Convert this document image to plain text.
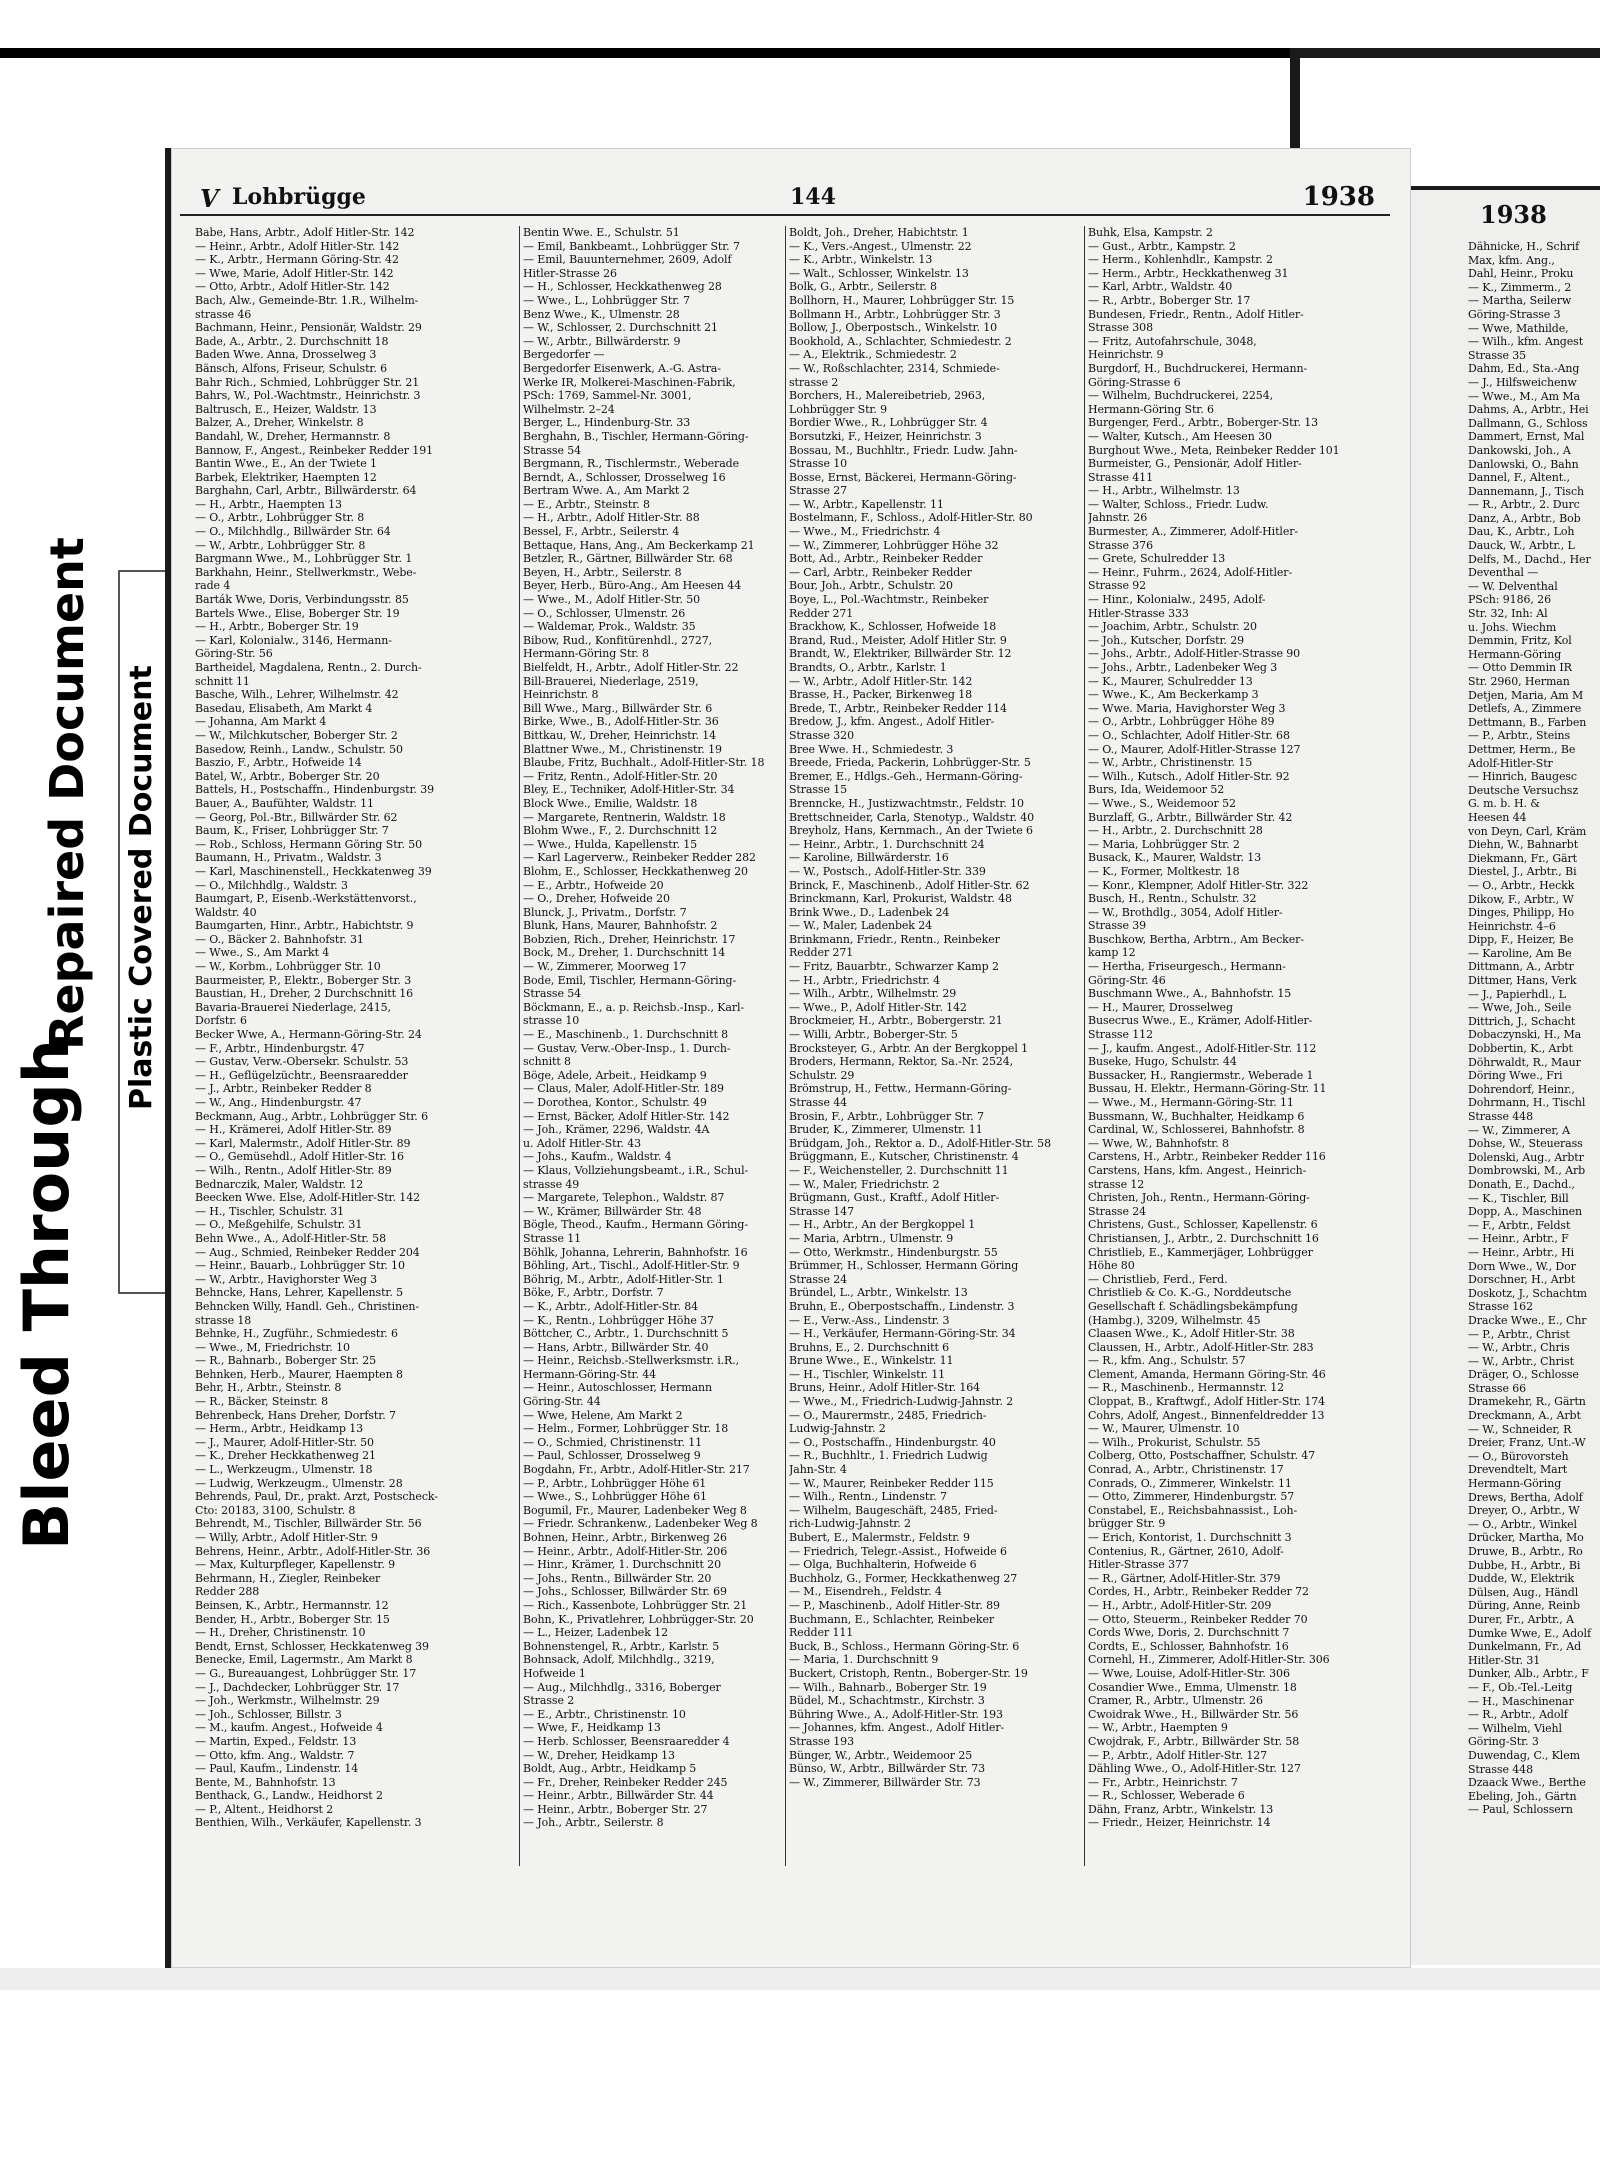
Bleed Through
Repaired Document Plastic Covered Document
1938
Dähnicke, H., Schrif
Max, kfm. Ang.,
Dahl, Heinr., Proku
— K., Zimmerm., 2
— Martha, Seilerw
Göring-Strasse 3
— Wwe, Mathilde,
— Wilh., kfm. Angest
Strasse 35
Dahm, Ed., Sta.-Ang
— J., Hilfsweichenw
— Wwe., M., Am Ma
Dahms, A., Arbtr., Hei
Dallmann, G., Schloss
Dammert, Ernst, Mal
Dankowski, Joh., A
Danlowski, O., Bahn
Dannel, F., Altent.,
Dannemann, J., Tisch
— R., Arbtr., 2. Durc
Danz, A., Arbtr., Bob
Dau, K., Arbtr., Loh
Dauck, W., Arbtr., L
Delfs, M., Dachd., Her
Deventhal —
— W. Delventhal
PSch: 9186, 26
Str. 32, Inh: Al
u. Johs. Wiechm
Demmin, Fritz, Kol
Hermann-Göring
— Otto Demmin IR
Str. 2960, Herman
Detjen, Maria, Am M
Detlefs, A., Zimmere
Dettmann, B., Farben
— P., Arbtr., Steins
Dettmer, Herm., Be
Adolf-Hitler-Str
— Hinrich, Baugesc
Deutsche Versuchsz
G. m. b. H. &
Heesen 44
von Deyn, Carl, Kräm
Diehn, W., Bahnarbt
Diekmann, Fr., Gärt
Diestel, J., Arbtr., Bi
— O., Arbtr., Heckk
Dikow, F., Arbtr., W
Dinges, Philipp, Ho
Heinrichstr. 4–6
Dipp, F., Heizer, Be
— Karoline, Am Be
Dittmann, A., Arbtr
Dittmer, Hans, Verk
— J., Papierhdl., L
— Wwe, Joh., Seile
Dittrich, J., Schacht
Dobaczynski, H., Ma
Dobbertin, K., Arbt
Döhrwaldt, R., Maur
Döring Wwe., Fri
Dohrendorf, Heinr.,
Dohrmann, H., Tischl
Strasse 448
— W., Zimmerer, A
Dohse, W., Steuerass
Dolenski, Aug., Arbtr
Dombrowski, M., Arb
Donath, E., Dachd.,
— K., Tischler, Bill
Dopp, A., Maschinen
— F., Arbtr., Feldst
— Heinr., Arbtr., F
— Heinr., Arbtr., Hi
Dorn Wwe., W., Dor
Dorschner, H., Arbt
Doskotz, J., Schachtm
Strasse 162
Dracke Wwe., E., Chr
— P., Arbtr., Christ
— W., Arbtr., Chris
— W., Arbtr., Christ
Dräger, O., Schlosse
Strasse 66
Dramekehr, R., Gärtn
Dreckmann, A., Arbt
— W., Schneider, R
Dreier, Franz, Unt.-W
— O., Bürovorsteh
Drevendtelt, Mart
Hermann-Göring
Drews, Bertha, Adolf
Dreyer, O., Arbtr., W
— O., Arbtr., Winkel
Drücker, Martha, Mo
Druwe, B., Arbtr., Ro
Dubbe, H., Arbtr., Bi
Dudde, W., Elektrik
Dülsen, Aug., Händl
Düring, Anne, Reinb
Durer, Fr., Arbtr., A
Dumke Wwe, E., Adolf
Dunkelmann, Fr., Ad
Hitler-Str. 31
Dunker, Alb., Arbtr., F
— F., Ob.-Tel.-Leitg
— H., Maschinenar
— R., Arbtr., Adolf
— Wilhelm, Viehl
Göring-Str. 3
Duwendag, C., Klem
Strasse 448
Dzaack Wwe., Berthe
Ebeling, Joh., Gärtn
— Paul, Schlossern
V Lohbrügge	144	1938
Babe, Hans, Arbtr., Adolf Hitler-Str. 142
— Heinr., Arbtr., Adolf Hitler-Str. 142
— K., Arbtr., Hermann Göring-Str. 42
— Wwe, Marie, Adolf Hitler-Str. 142
— Otto, Arbtr., Adolf Hitler-Str. 142
Bach, Alw., Gemeinde-Btr. 1.R., Wilhelm-
strasse 46
Bachmann, Heinr., Pensionär, Waldstr. 29
Bade, A., Arbtr., 2. Durchschnitt 18
Baden Wwe. Anna, Drosselweg 3
Bänsch, Alfons, Friseur, Schulstr. 6
Bahr Rich., Schmied, Lohbrügger Str. 21
Bahrs, W., Pol.-Wachtmstr., Heinrichstr. 3
Baltrusch, E., Heizer, Waldstr. 13
Balzer, A., Dreher, Winkelstr. 8
Bandahl, W., Dreher, Hermannstr. 8
Bannow, F., Angest., Reinbeker Redder 191
Bantin Wwe., E., An der Twiete 1
Barbek, Elektriker, Haempten 12
Barghahn, Carl, Arbtr., Billwärderstr. 64
— H., Arbtr., Haempten 13
— O., Arbtr., Lohbrügger Str. 8
— O., Milchhdlg., Billwärder Str. 64
— W., Arbtr., Lohbrügger Str. 8
Bargmann Wwe., M., Lohbrügger Str. 1
Barkhahn, Heinr., Stellwerkmstr., Webe-
rade 4
Barták Wwe, Doris, Verbindungsstr. 85
Bartels Wwe., Elise, Boberger Str. 19
— H., Arbtr., Boberger Str. 19
— Karl, Kolonialw., 3146, Hermann-
Göring-Str. 56
Bartheidel, Magdalena, Rentn., 2. Durch-
schnitt 11
Basche, Wilh., Lehrer, Wilhelmstr. 42
Basedau, Elisabeth, Am Markt 4
— Johanna, Am Markt 4
— W., Milchkutscher, Boberger Str. 2
Basedow, Reinh., Landw., Schulstr. 50
Baszio, F., Arbtr., Hofweide 14
Batel, W., Arbtr., Boberger Str. 20
Battels, H., Postschaffn., Hindenburgstr. 39
Bauer, A., Baufühter, Waldstr. 11
— Georg, Pol.-Btr., Billwärder Str. 62
Baum, K., Friser, Lohbrügger Str. 7
— Rob., Schloss, Hermann Göring Str. 50
Baumann, H., Privatm., Waldstr. 3
— Karl, Maschinenstell., Heckkatenweg 39
— O., Milchhdlg., Waldstr. 3
Baumgart, P., Eisenb.-Werkstättenvorst.,
Waldstr. 40
Baumgarten, Hinr., Arbtr., Habichtstr. 9
— O., Bäcker 2. Bahnhofstr. 31
— Wwe., S., Am Markt 4
— W., Korbm., Lohbrügger Str. 10
Baurmeister, P., Elektr., Boberger Str. 3
Baustian, H., Dreher, 2 Durchschnitt 16
Bavaria-Brauerei Niederlage, 2415,
Dorfstr. 6
Becker Wwe, A., Hermann-Göring-Str. 24
— F., Arbtr., Hindenburgstr. 47
— Gustav, Verw.-Obersekr. Schulstr. 53
— H., Geflügelzüchtr., Beensraaredder
— J., Arbtr., Reinbeker Redder 8
— W., Ang., Hindenburgstr. 47
Beckmann, Aug., Arbtr., Lohbrügger Str. 6
— H., Krämerei, Adolf Hitler-Str. 89
— Karl, Malermstr., Adolf Hitler-Str. 89
— O., Gemüsehdl., Adolf Hitler-Str. 16
— Wilh., Rentn., Adolf Hitler-Str. 89
Bednarczik, Maler, Waldstr. 12
Beecken Wwe. Else, Adolf-Hitler-Str. 142
— H., Tischler, Schulstr. 31
— O., Meßgehilfe, Schulstr. 31
Behn Wwe., A., Adolf-Hitler-Str. 58
— Aug., Schmied, Reinbeker Redder 204
— Heinr., Bauarb., Lohbrügger Str. 10
— W., Arbtr., Havighorster Weg 3
Behncke, Hans, Lehrer, Kapellenstr. 5
Behncken Willy, Handl. Geh., Christinen-
strasse 18
Behnke, H., Zugführ., Schmiedestr. 6
— Wwe., M, Friedrichstr. 10
— R., Bahnarb., Boberger Str. 25
Behnken, Herb., Maurer, Haempten 8
Behr, H., Arbtr., Steinstr. 8
— R., Bäcker, Steinstr. 8
Behrenbeck, Hans Dreher, Dorfstr. 7
— Herm., Arbtr., Heidkamp 13
— J., Maurer, Adolf-Hitler-Str. 50
— K., Dreher Heckkathenweg 21
— L., Werkzeugm., Ulmenstr. 18
— Ludwig, Werkzeugm., Ulmenstr. 28
Behrends, Paul, Dr., prakt. Arzt, Postscheck-
Cto: 20183, 3100, Schulstr. 8
Behrendt, M., Tischler, Billwärder Str. 56
— Willy, Arbtr., Adolf Hitler-Str. 9
Behrens, Heinr., Arbtr., Adolf-Hitler-Str. 36
— Max, Kulturpfleger, Kapellenstr. 9
Behrmann, H., Ziegler, Reinbeker
Redder 288
Beinsen, K., Arbtr., Hermannstr. 12
Bender, H., Arbtr., Boberger Str. 15
— H., Dreher, Christinenstr. 10
Bendt, Ernst, Schlosser, Heckkatenweg 39
Benecke, Emil, Lagermstr., Am Markt 8
— G., Bureauangest, Lohbrügger Str. 17
— J., Dachdecker, Lohbrügger Str. 17
— Joh., Werkmstr., Wilhelmstr. 29
— Joh., Schlosser, Billstr. 3
— M., kaufm. Angest., Hofweide 4
— Martin, Exped., Feldstr. 13
— Otto, kfm. Ang., Waldstr. 7
— Paul, Kaufm., Lindenstr. 14
Bente, M., Bahnhofstr. 13
Benthack, G., Landw., Heidhorst 2
— P., Altent., Heidhorst 2
Benthien, Wilh., Verkäufer, Kapellenstr. 3
Bentin Wwe. E., Schulstr. 51
— Emil, Bankbeamt., Lohbrügger Str. 7
— Emil, Bauunternehmer, 2609, Adolf
Hitler-Strasse 26
— H., Schlosser, Heckkathenweg 28
— Wwe., L., Lohbrügger Str. 7
Benz Wwe., K., Ulmenstr. 28
— W., Schlosser, 2. Durchschnitt 21
— W., Arbtr., Billwärderstr. 9
Bergedorfer —
Bergedorfer Eisenwerk, A.-G. Astra-
Werke IR, Molkerei-Maschinen-Fabrik,
PSch: 1769, Sammel-Nr. 3001,
Wilhelmstr. 2–24
Berger, L., Hindenburg-Str. 33
Berghahn, B., Tischler, Hermann-Göring-
Strasse 54
Bergmann, R., Tischlermstr., Weberade
Berndt, A., Schlosser, Drosselweg 16
Bertram Wwe. A., Am Markt 2
— E., Arbtr., Steinstr. 8
— H., Arbtr., Adolf Hitler-Str. 88
Bessel, F., Arbtr., Seilerstr. 4
Bettaque, Hans, Ang., Am Beckerkamp 21
Betzler, R., Gärtner, Billwärder Str. 68
Beyen, H., Arbtr., Seilerstr. 8
Beyer, Herb., Büro-Ang., Am Heesen 44
— Wwe., M., Adolf Hitler-Str. 50
— O., Schlosser, Ulmenstr. 26
— Waldemar, Prok., Waldstr. 35
Bibow, Rud., Konfitürenhdl., 2727,
Hermann-Göring Str. 8
Bielfeldt, H., Arbtr., Adolf Hitler-Str. 22
Bill-Brauerei, Niederlage, 2519,
Heinrichstr. 8
Bill Wwe., Marg., Billwärder Str. 6
Birke, Wwe., B., Adolf-Hitler-Str. 36
Bittkau, W., Dreher, Heinrichstr. 14
Blattner Wwe., M., Christinenstr. 19
Blaube, Fritz, Buchhalt., Adolf-Hitler-Str. 18
— Fritz, Rentn., Adolf-Hitler-Str. 20
Bley, E., Techniker, Adolf-Hitler-Str. 34
Block Wwe., Emilie, Waldstr. 18
— Margarete, Rentnerin, Waldstr. 18
Blohm Wwe., F., 2. Durchschnitt 12
— Wwe., Hulda, Kapellenstr. 15
— Karl Lagerverw., Reinbeker Redder 282
Blohm, E., Schlosser, Heckkathenweg 20
— E., Arbtr., Hofweide 20
— O., Dreher, Hofweide 20
Blunck, J., Privatm., Dorfstr. 7
Blunk, Hans, Maurer, Bahnhofstr. 2
Bobzien, Rich., Dreher, Heinrichstr. 17
Bock, M., Dreher, 1. Durchschnitt 14
— W., Zimmerer, Moorweg 17
Bode, Emil, Tischler, Hermann-Göring-
Strasse 54
Böckmann, E., a. p. Reichsb.-Insp., Karl-
strasse 10
— E., Maschinenb., 1. Durchschnitt 8
— Gustav, Verw.-Ober-Insp., 1. Durch-
schnitt 8
Böge, Adele, Arbeit., Heidkamp 9
— Claus, Maler, Adolf-Hitler-Str. 189
— Dorothea, Kontor., Schulstr. 49
— Ernst, Bäcker, Adolf Hitler-Str. 142
— Joh., Krämer, 2296, Waldstr. 4A
u. Adolf Hitler-Str. 43
— Johs., Kaufm., Waldstr. 4
— Klaus, Vollziehungsbeamt., i.R., Schul-
strasse 49
— Margarete, Telephon., Waldstr. 87
— W., Krämer, Billwärder Str. 48
Bögle, Theod., Kaufm., Hermann Göring-
Strasse 11
Böhlk, Johanna, Lehrerin, Bahnhofstr. 16
Böhling, Art., Tischl., Adolf-Hitler-Str. 9
Böhrig, M., Arbtr., Adolf-Hitler-Str. 1
Böke, F., Arbtr., Dorfstr. 7
— K., Arbtr., Adolf-Hitler-Str. 84
— K., Rentn., Lohbrügger Höhe 37
Böttcher, C., Arbtr., 1. Durchschnitt 5
— Hans, Arbtr., Billwärder Str. 40
— Heinr., Reichsb.-Stellwerksmstr. i.R.,
Hermann-Göring-Str. 44
— Heinr., Autoschlosser, Hermann
Göring-Str. 44
— Wwe, Helene, Am Markt 2
— Helm., Former, Lohbrügger Str. 18
— O., Schmied, Christinenstr. 11
— Paul, Schlosser, Drosselweg 9
Bogdahn, Fr., Arbtr., Adolf-Hitler-Str. 217
— P., Arbtr., Lohbrügger Höhe 61
— Wwe., S., Lohbrügger Höhe 61
Bogumil, Fr., Maurer, Ladenbeker Weg 8
— Friedr. Schrankenw., Ladenbeker Weg 8
Bohnen, Heinr., Arbtr., Birkenweg 26
— Heinr., Arbtr., Adolf-Hitler-Str. 206
— Hinr., Krämer, 1. Durchschnitt 20
— Johs., Rentn., Billwärder Str. 20
— Johs., Schlosser, Billwärder Str. 69
— Rich., Kassenbote, Lohbrügger Str. 21
Bohn, K., Privatlehrer, Lohbrügger-Str. 20
— L., Heizer, Ladenbek 12
Bohnenstengel, R., Arbtr., Karlstr. 5
Bohnsack, Adolf, Milchhdlg., 3219,
Hofweide 1
— Aug., Milchhdlg., 3316, Boberger
Strasse 2
— E., Arbtr., Christinenstr. 10
— Wwe, F., Heidkamp 13
— Herb. Schlosser, Beensraaredder 4
— W., Dreher, Heidkamp 13
Boldt, Aug., Arbtr., Heidkamp 5
— Fr., Dreher, Reinbeker Redder 245
— Heinr., Arbtr., Billwärder Str. 44
— Heinr., Arbtr., Boberger Str. 27
— Joh., Arbtr., Seilerstr. 8
Boldt, Joh., Dreher, Habichtstr. 1
— K., Vers.-Angest., Ulmenstr. 22
— K., Arbtr., Winkelstr. 13
— Walt., Schlosser, Winkelstr. 13
Bolk, G., Arbtr., Seilerstr. 8
Bollhorn, H., Maurer, Lohbrügger Str. 15
Bollmann H., Arbtr., Lohbrügger Str. 3
Bollow, J., Oberpostsch., Winkelstr. 10
Bookhold, A., Schlachter, Schmiedestr. 2
— A., Elektrik., Schmiedestr. 2
— W., Roßschlachter, 2314, Schmiede-
strasse 2
Borchers, H., Malereibetrieb, 2963,
Lohbrügger Str. 9
Bordier Wwe., R., Lohbrügger Str. 4
Borsutzki, F., Heizer, Heinrichstr. 3
Bossau, M., Buchhltr., Friedr. Ludw. Jahn-
Strasse 10
Bosse, Ernst, Bäckerei, Hermann-Göring-
Strasse 27
— W., Arbtr., Kapellenstr. 11
Bostelmann, F., Schloss., Adolf-Hitler-Str. 80
— Wwe., M., Friedrichstr. 4
— W., Zimmerer, Lohbrügger Höhe 32
Bott, Ad., Arbtr., Reinbeker Redder
— Carl, Arbtr., Reinbeker Redder
Bour, Joh., Arbtr., Schulstr. 20
Boye, L., Pol.-Wachtmstr., Reinbeker
Redder 271
Brackhow, K., Schlosser, Hofweide 18
Brand, Rud., Meister, Adolf Hitler Str. 9
Brandt, W., Elektriker, Billwärder Str. 12
Brandts, O., Arbtr., Karlstr. 1
— W., Arbtr., Adolf Hitler-Str. 142
Brasse, H., Packer, Birkenweg 18
Brede, T., Arbtr., Reinbeker Redder 114
Bredow, J., kfm. Angest., Adolf Hitler-
Strasse 320
Bree Wwe. H., Schmiedestr. 3
Breede, Frieda, Packerin, Lohbrügger-Str. 5
Bremer, E., Hdlgs.-Geh., Hermann-Göring-
Strasse 15
Brenncke, H., Justizwachtmstr., Feldstr. 10
Brettschneider, Carla, Stenotyp., Waldstr. 40
Breyholz, Hans, Kernmach., An der Twiete 6
— Heinr., Arbtr., 1. Durchschnitt 24
— Karoline, Billwärderstr. 16
— W., Postsch., Adolf-Hitler-Str. 339
Brinck, F., Maschinenb., Adolf Hitler-Str. 62
Brinckmann, Karl, Prokurist, Waldstr. 48
Brink Wwe., D., Ladenbek 24
— W., Maler, Ladenbek 24
Brinkmann, Friedr., Rentn., Reinbeker
Redder 271
— Fritz, Bauarbtr., Schwarzer Kamp 2
— H., Arbtr., Friedrichstr. 4
— Wilh., Arbtr., Wilhelmstr. 29
— Wwe., P., Adolf Hitler-Str. 142
Brockmeier, H., Arbtr., Bobergerstr. 21
— Willi, Arbtr., Boberger-Str. 5
Brocksteyer, G., Arbtr. An der Bergkoppel 1
Broders, Hermann, Rektor, Sa.-Nr. 2524,
Schulstr. 29
Brömstrup, H., Fettw., Hermann-Göring-
Strasse 44
Brosin, F., Arbtr., Lohbrügger Str. 7
Bruder, K., Zimmerer, Ulmenstr. 11
Brüdgam, Joh., Rektor a. D., Adolf-Hitler-Str. 58
Brüggmann, E., Kutscher, Christinenstr. 4
— F., Weichensteller, 2. Durchschnitt 11
— W., Maler, Friedrichstr. 2
Brügmann, Gust., Kraftf., Adolf Hitler-
Strasse 147
— H., Arbtr., An der Bergkoppel 1
— Maria, Arbtrn., Ulmenstr. 9
— Otto, Werkmstr., Hindenburgstr. 55
Brümmer, H., Schlosser, Hermann Göring
Strasse 24
Bründel, L., Arbtr., Winkelstr. 13
Bruhn, E., Oberpostschaffn., Lindenstr. 3
— E., Verw.-Ass., Lindenstr. 3
— H., Verkäufer, Hermann-Göring-Str. 34
Bruhns, E., 2. Durchschnitt 6
Brune Wwe., E., Winkelstr. 11
— H., Tischler, Winkelstr. 11
Bruns, Heinr., Adolf Hitler-Str. 164
— Wwe., M., Friedrich-Ludwig-Jahnstr. 2
— O., Maurermstr., 2485, Friedrich-
Ludwig-Jahnstr. 2
— O., Postschaffn., Hindenburgstr. 40
— R., Buchhltr., 1. Friedrich Ludwig
Jahn-Str. 4
— W., Maurer, Reinbeker Redder 115
— Wilh., Rentn., Lindenstr. 7
— Wilhelm, Baugeschäft, 2485, Fried-
rich-Ludwig-Jahnstr. 2
Bubert, E., Malermstr., Feldstr. 9
— Friedrich, Telegr.-Assist., Hofweide 6
— Olga, Buchhalterin, Hofweide 6
Buchholz, G., Former, Heckkathenweg 27
— M., Eisendreh., Feldstr. 4
— P., Maschinenb., Adolf Hitler-Str. 89
Buchmann, E., Schlachter, Reinbeker
Redder 111
Buck, B., Schloss., Hermann Göring-Str. 6
— Maria, 1. Durchschnitt 9
Buckert, Cristoph, Rentn., Boberger-Str. 19
— Wilh., Bahnarb., Boberger Str. 19
Büdel, M., Schachtmstr., Kirchstr. 3
Bühring Wwe., A., Adolf-Hitler-Str. 193
— Johannes, kfm. Angest., Adolf Hitler-
Strasse 193
Bünger, W., Arbtr., Weidemoor 25
Bünso, W., Arbtr., Billwärder Str. 73
— W., Zimmerer, Billwärder Str. 73
Buhk, Elsa, Kampstr. 2
— Gust., Arbtr., Kampstr. 2
— Herm., Kohlenhdlr., Kampstr. 2
— Herm., Arbtr., Heckkathenweg 31
— Karl, Arbtr., Waldstr. 40
— R., Arbtr., Boberger Str. 17
Bundesen, Friedr., Rentn., Adolf Hitler-
Strasse 308
— Fritz, Autofahrschule, 3048,
Heinrichstr. 9
Burgdorf, H., Buchdruckerei, Hermann-
Göring-Strasse 6
— Wilhelm, Buchdruckerei, 2254,
Hermann-Göring Str. 6
Burgenger, Ferd., Arbtr., Boberger-Str. 13
— Walter, Kutsch., Am Heesen 30
Burghout Wwe., Meta, Reinbeker Redder 101
Burmeister, G., Pensionär, Adolf Hitler-
Strasse 411
— H., Arbtr., Wilhelmstr. 13
— Walter, Schloss., Friedr. Ludw.
Jahnstr. 26
Burmester, A., Zimmerer, Adolf-Hitler-
Strasse 376
— Grete, Schulredder 13
— Heinr., Fuhrm., 2624, Adolf-Hitler-
Strasse 92
— Hinr., Kolonialw., 2495, Adolf-
Hitler-Strasse 333
— Joachim, Arbtr., Schulstr. 20
— Joh., Kutscher, Dorfstr. 29
— Johs., Arbtr., Adolf-Hitler-Strasse 90
— Johs., Arbtr., Ladenbeker Weg 3
— K., Maurer, Schulredder 13
— Wwe., K., Am Beckerkamp 3
— Wwe. Maria, Havighorster Weg 3
— O., Arbtr., Lohbrügger Höhe 89
— O., Schlachter, Adolf Hitler-Str. 68
— O., Maurer, Adolf-Hitler-Strasse 127
— W., Arbtr., Christinenstr. 15
— Wilh., Kutsch., Adolf Hitler-Str. 92
Burs, Ida, Weidemoor 52
— Wwe., S., Weidemoor 52
Burzlaff, G., Arbtr., Billwärder Str. 42
— H., Arbtr., 2. Durchschnitt 28
— Maria, Lohbrügger Str. 2
Busack, K., Maurer, Waldstr. 13
— K., Former, Moltkestr. 18
— Konr., Klempner, Adolf Hitler-Str. 322
Busch, H., Rentn., Schulstr. 32
— W., Brothdlg., 3054, Adolf Hitler-
Strasse 39
Buschkow, Bertha, Arbtrn., Am Becker-
kamp 12
— Hertha, Friseurgesch., Hermann-
Göring-Str. 46
Buschmann Wwe., A., Bahnhofstr. 15
— H., Maurer, Drosselweg
Busecrus Wwe., E., Krämer, Adolf-Hitler-
Strasse 112
— J., kaufm. Angest., Adolf-Hitler-Str. 112
Buseke, Hugo, Schulstr. 44
Bussacker, H., Rangiermstr., Weberade 1
Bussau, H. Elektr., Hermann-Göring-Str. 11
— Wwe., M., Hermann-Göring-Str. 11
Bussmann, W., Buchhalter, Heidkamp 6
Cardinal, W., Schlosserei, Bahnhofstr. 8
— Wwe, W., Bahnhofstr. 8
Carstens, H., Arbtr., Reinbeker Redder 116
Carstens, Hans, kfm. Angest., Heinrich-
strasse 12
Christen, Joh., Rentn., Hermann-Göring-
Strasse 24
Christens, Gust., Schlosser, Kapellenstr. 6
Christiansen, J., Arbtr., 2. Durchschnitt 16
Christlieb, E., Kammerjäger, Lohbrügger
Höhe 80
— Christlieb, Ferd., Ferd.
Christlieb & Co. K.-G., Norddeutsche
Gesellschaft f. Schädlingsbekämpfung
(Hambg.), 3209, Wilhelmstr. 45
Claasen Wwe., K., Adolf Hitler-Str. 38
Claussen, H., Arbtr., Adolf-Hitler-Str. 283
— R., kfm. Ang., Schulstr. 57
Clement, Amanda, Hermann Göring-Str. 46
— R., Maschinenb., Hermannstr. 12
Cloppat, B., Kraftwgf., Adolf Hitler-Str. 174
Cohrs, Adolf, Angest., Binnenfeldredder 13
— W., Maurer, Ulmenstr. 10
— Wilh., Prokurist, Schulstr. 55
Colberg, Otto, Postschaffner, Schulstr. 47
Conrad, A., Arbtr., Christinenstr. 17
Conrads, O., Zimmerer, Winkelstr. 11
— Otto, Zimmerer, Hindenburgstr. 57
Constabel, E., Reichsbahnassist., Loh-
brügger Str. 9
— Erich, Kontorist, 1. Durchschnitt 3
Contenius, R., Gärtner, 2610, Adolf-
Hitler-Strasse 377
— R., Gärtner, Adolf-Hitler-Str. 379
Cordes, H., Arbtr., Reinbeker Redder 72
— H., Arbtr., Adolf-Hitler-Str. 209
— Otto, Steuerm., Reinbeker Redder 70
Cords Wwe, Doris, 2. Durchschnitt 7
Cordts, E., Schlosser, Bahnhofstr. 16
Cornehl, H., Zimmerer, Adolf-Hitler-Str. 306
— Wwe, Louise, Adolf-Hitler-Str. 306
Cosandier Wwe., Emma, Ulmenstr. 18
Cramer, R., Arbtr., Ulmenstr. 26
Cwoidrak Wwe., H., Billwärder Str. 56
— W., Arbtr., Haempten 9
Cwojdrak, F., Arbtr., Billwärder Str. 58
— P., Arbtr., Adolf Hitler-Str. 127
Dähling Wwe., O., Adolf-Hitler-Str. 127
— Fr., Arbtr., Heinrichstr. 7
— R., Schlosser, Weberade 6
Dähn, Franz, Arbtr., Winkelstr. 13
— Friedr., Heizer, Heinrichstr. 14
